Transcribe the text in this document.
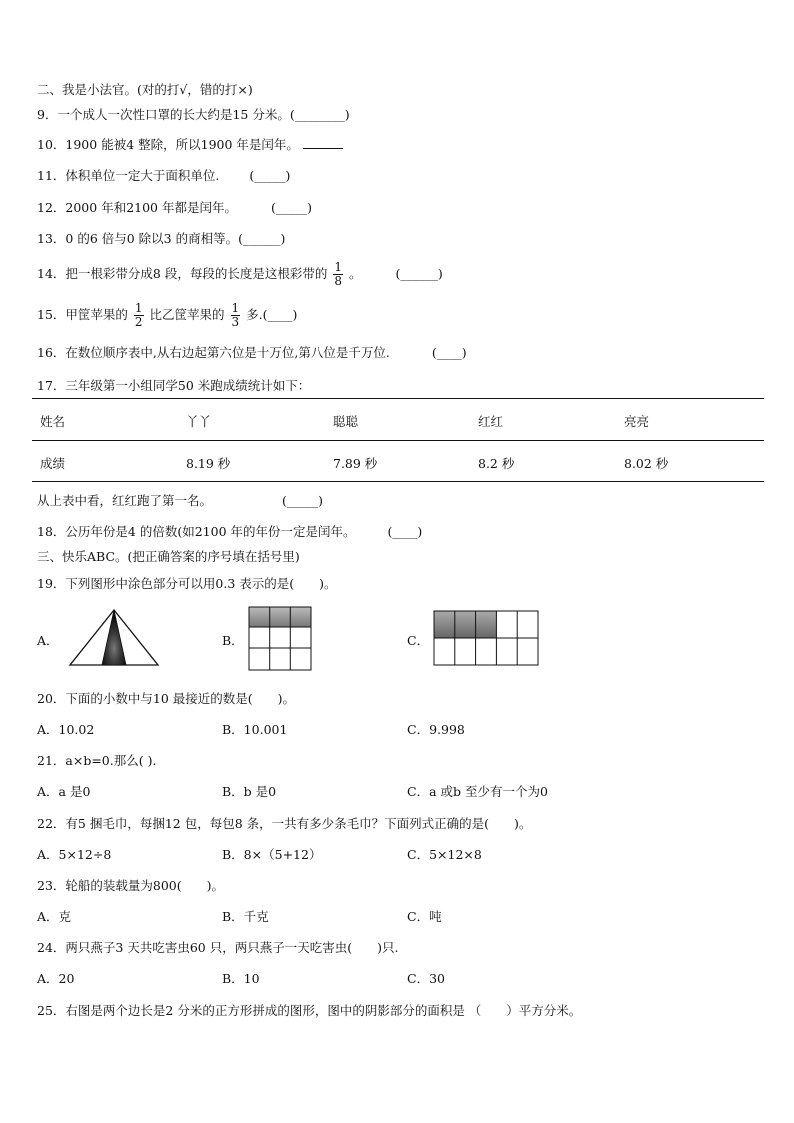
二、我是小法官。(对的打√，错的打×)
9．一个成人一次性口罩的长大约是15 分米。(________)
10．1900 能被4 整除，所以1900 年是闰年。
11．体积单位一定大于面积单位. (_____)
12．2000 年和2100 年都是闰年。	(_____)
13．0 的6 倍与0 除以3 的商相等。(______)
14．把一根彩带分成8 段，每段的长度是这根彩带的 $\frac{1}{8}$ 。	(______)
15．甲筐苹果的 $\frac{1}{2}$ 比乙筐苹果的 $\frac{1}{3}$ 多.(____)
16．在数位顺序表中,从右边起第六位是十万位,第八位是千万位.	(____)
17．三年级第一小组同学50 米跑成绩统计如下：
姓名	丫丫	聪聪	红红	亮亮
成绩	8.19 秒	7.89 秒	8.2 秒	8.02 秒
从上表中看，红红跑了第一名。	(_____)
18．公历年份是4 的倍数(如2100 年的年份一定是闰年。	(____)
三、快乐ABC。(把正确答案的序号填在括号里)
19．下列图形中涂色部分可以用0.3 表示的是(　　)。
A．	B．	C．
20．下面的小数中与10 最接近的数是(　　)。
A．10.02	B．10.001	C．9.998
21．a×b=0.那么( ).
A．a 是0	B．b 是0	C．a 或b 至少有一个为0
22．有5 捆毛巾，每捆12 包，每包8 条，一共有多少条毛巾？下面列式正确的是(　　)。
A．5×12÷8	B．8×（5+12）	C．5×12×8
23．轮船的装载量为800(　　)。
A．克	B．千克	C．吨
24．两只燕子3 天共吃害虫60 只，两只燕子一天吃害虫(　　)只.
A．20	B．10	C．30
25．右图是两个边长是2 分米的正方形拼成的图形，图中的阴影部分的面积是 （　　）平方分米。
